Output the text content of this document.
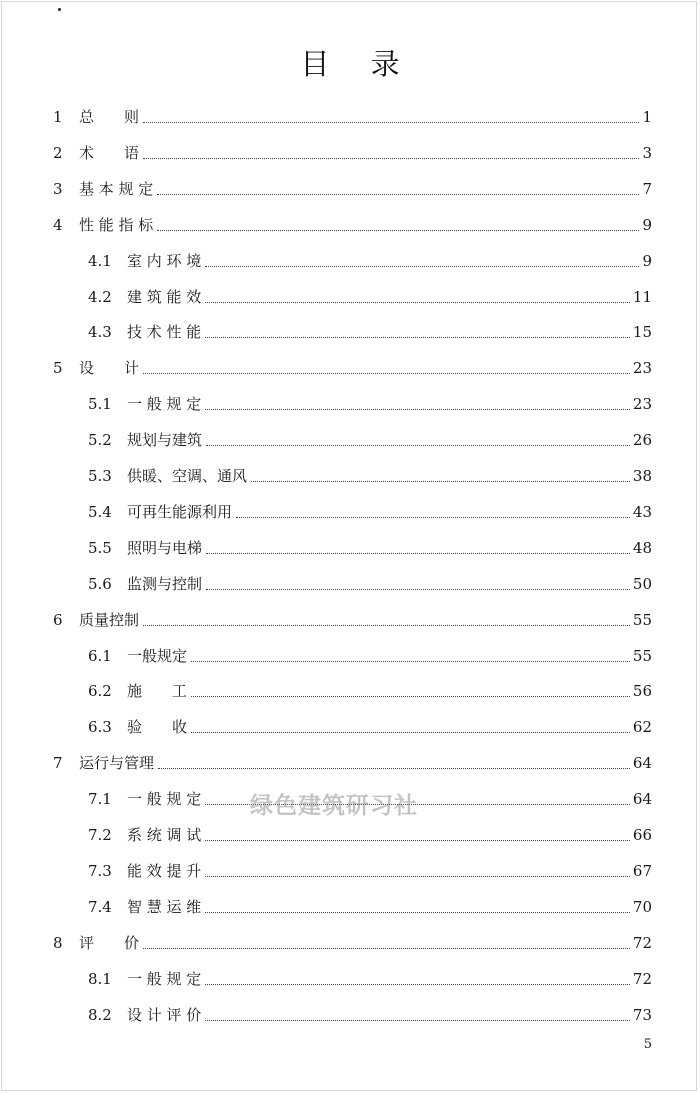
目 录
1	总　　则	1
2	术　　语	3
3	基 本 规 定	7
4	性 能 指 标	9
4.1	室 内 环 境	9
4.2	建 筑 能 效	11
4.3	技 术 性 能	15
5	设　　计	23
5.1	一 般 规 定	23
5.2	规划与建筑	26
5.3	供暖、空调、通风	38
5.4	可再生能源利用	43
5.5	照明与电梯	48
5.6	监测与控制	50
6	质量控制	55
6.1	一般规定	55
6.2	施　　工	56
6.3	验　　收	62
7	运行与管理	64
7.1	一 般 规 定	64
7.2	系 统 调 试	66
7.3	能 效 提 升	67
7.4	智 慧 运 维	70
8	评　　价	72
8.1	一 般 规 定	72
8.2	设 计 评 价	73
绿色建筑研习社
5
